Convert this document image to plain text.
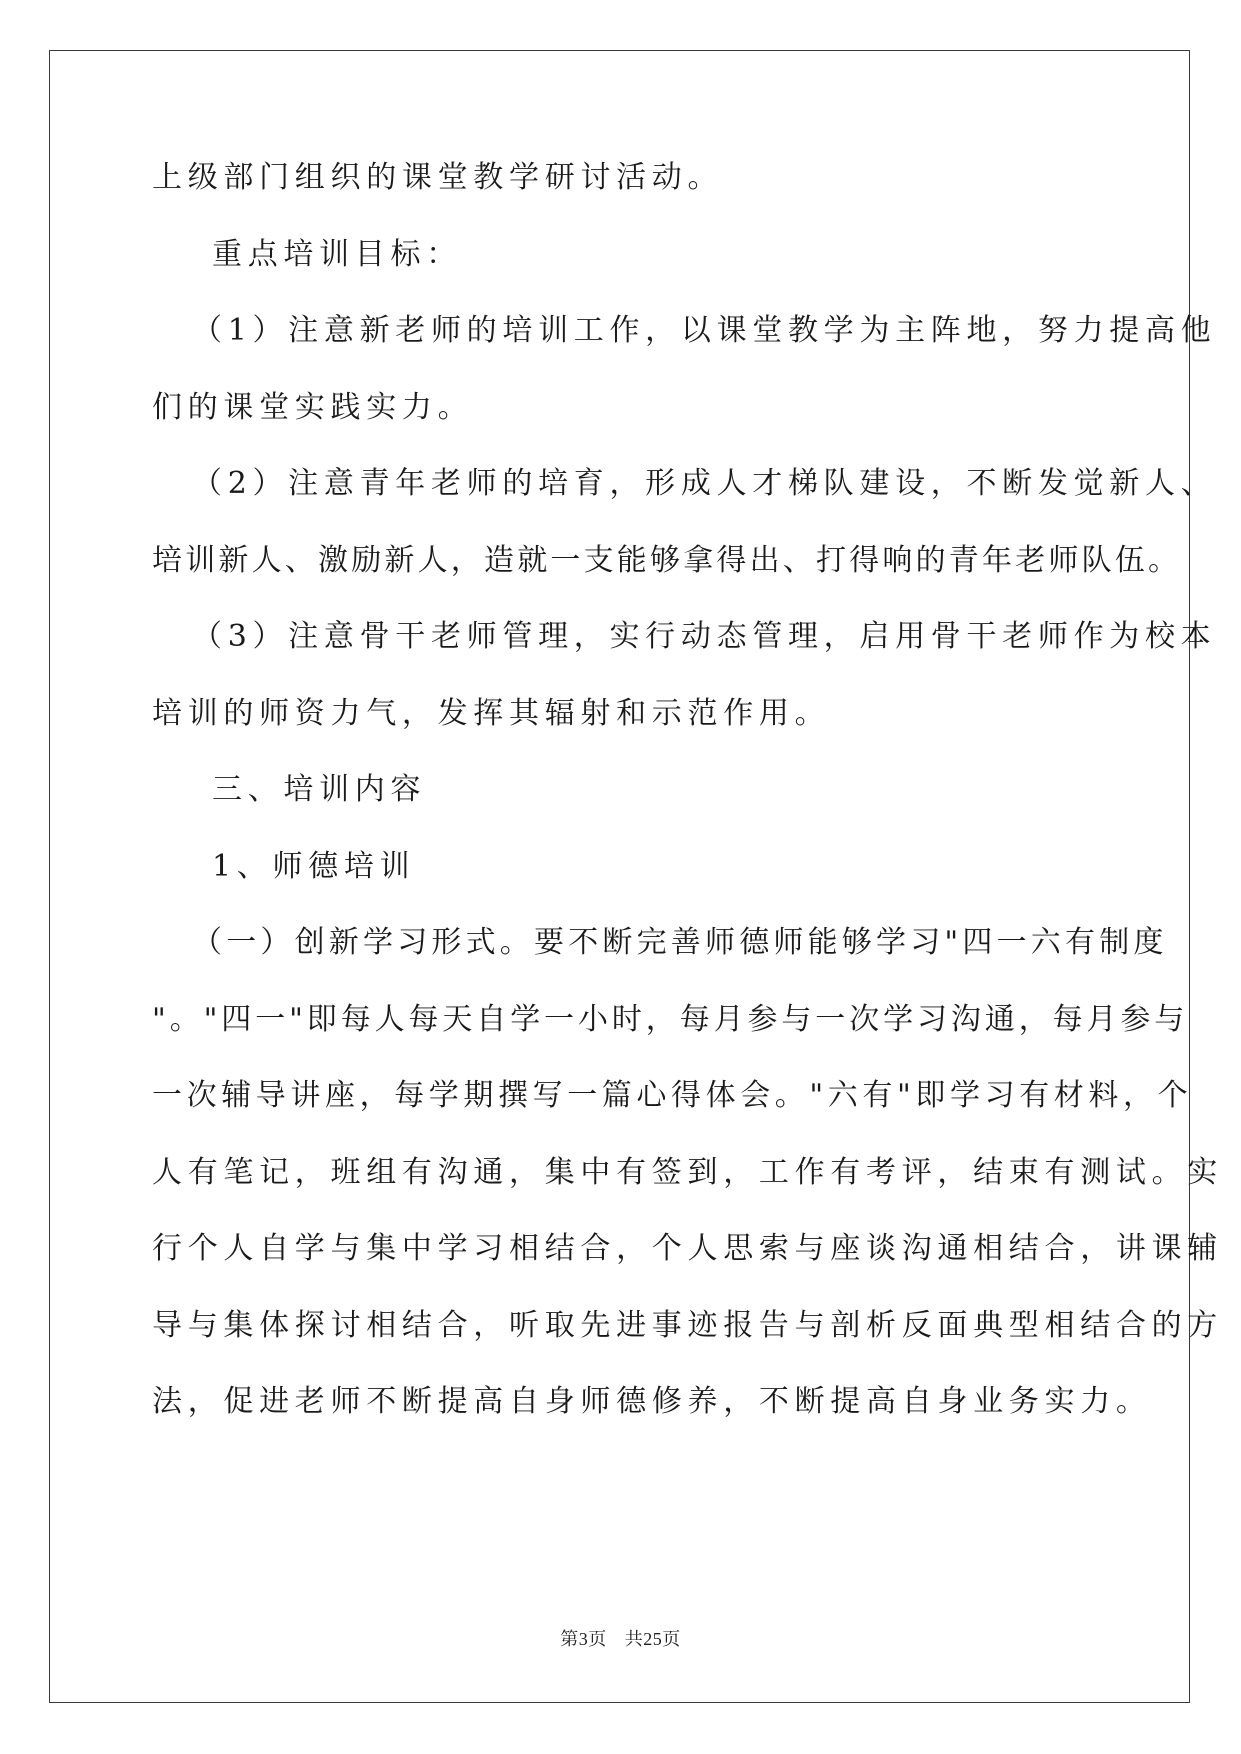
上级部门组织的课堂教学研讨活动。
重点培训目标：
（1）注意新老师的培训工作，以课堂教学为主阵地，努力提高他
们的课堂实践实力。
（2）注意青年老师的培育，形成人才梯队建设，不断发觉新人、
培训新人、激励新人，造就一支能够拿得出、打得响的青年老师队伍。
（3）注意骨干老师管理，实行动态管理，启用骨干老师作为校本
培训的师资力气，发挥其辐射和示范作用。
三、培训内容
1、师德培训
（一）创新学习形式。要不断完善师德师能够学习"四一六有制度
"。"四一"即每人每天自学一小时，每月参与一次学习沟通，每月参与
一次辅导讲座，每学期撰写一篇心得体会。"六有"即学习有材料，个
人有笔记，班组有沟通，集中有签到，工作有考评，结束有测试。实
行个人自学与集中学习相结合，个人思索与座谈沟通相结合，讲课辅
导与集体探讨相结合，听取先进事迹报告与剖析反面典型相结合的方
法，促进老师不断提高自身师德修养，不断提高自身业务实力。
第3页 共25页
